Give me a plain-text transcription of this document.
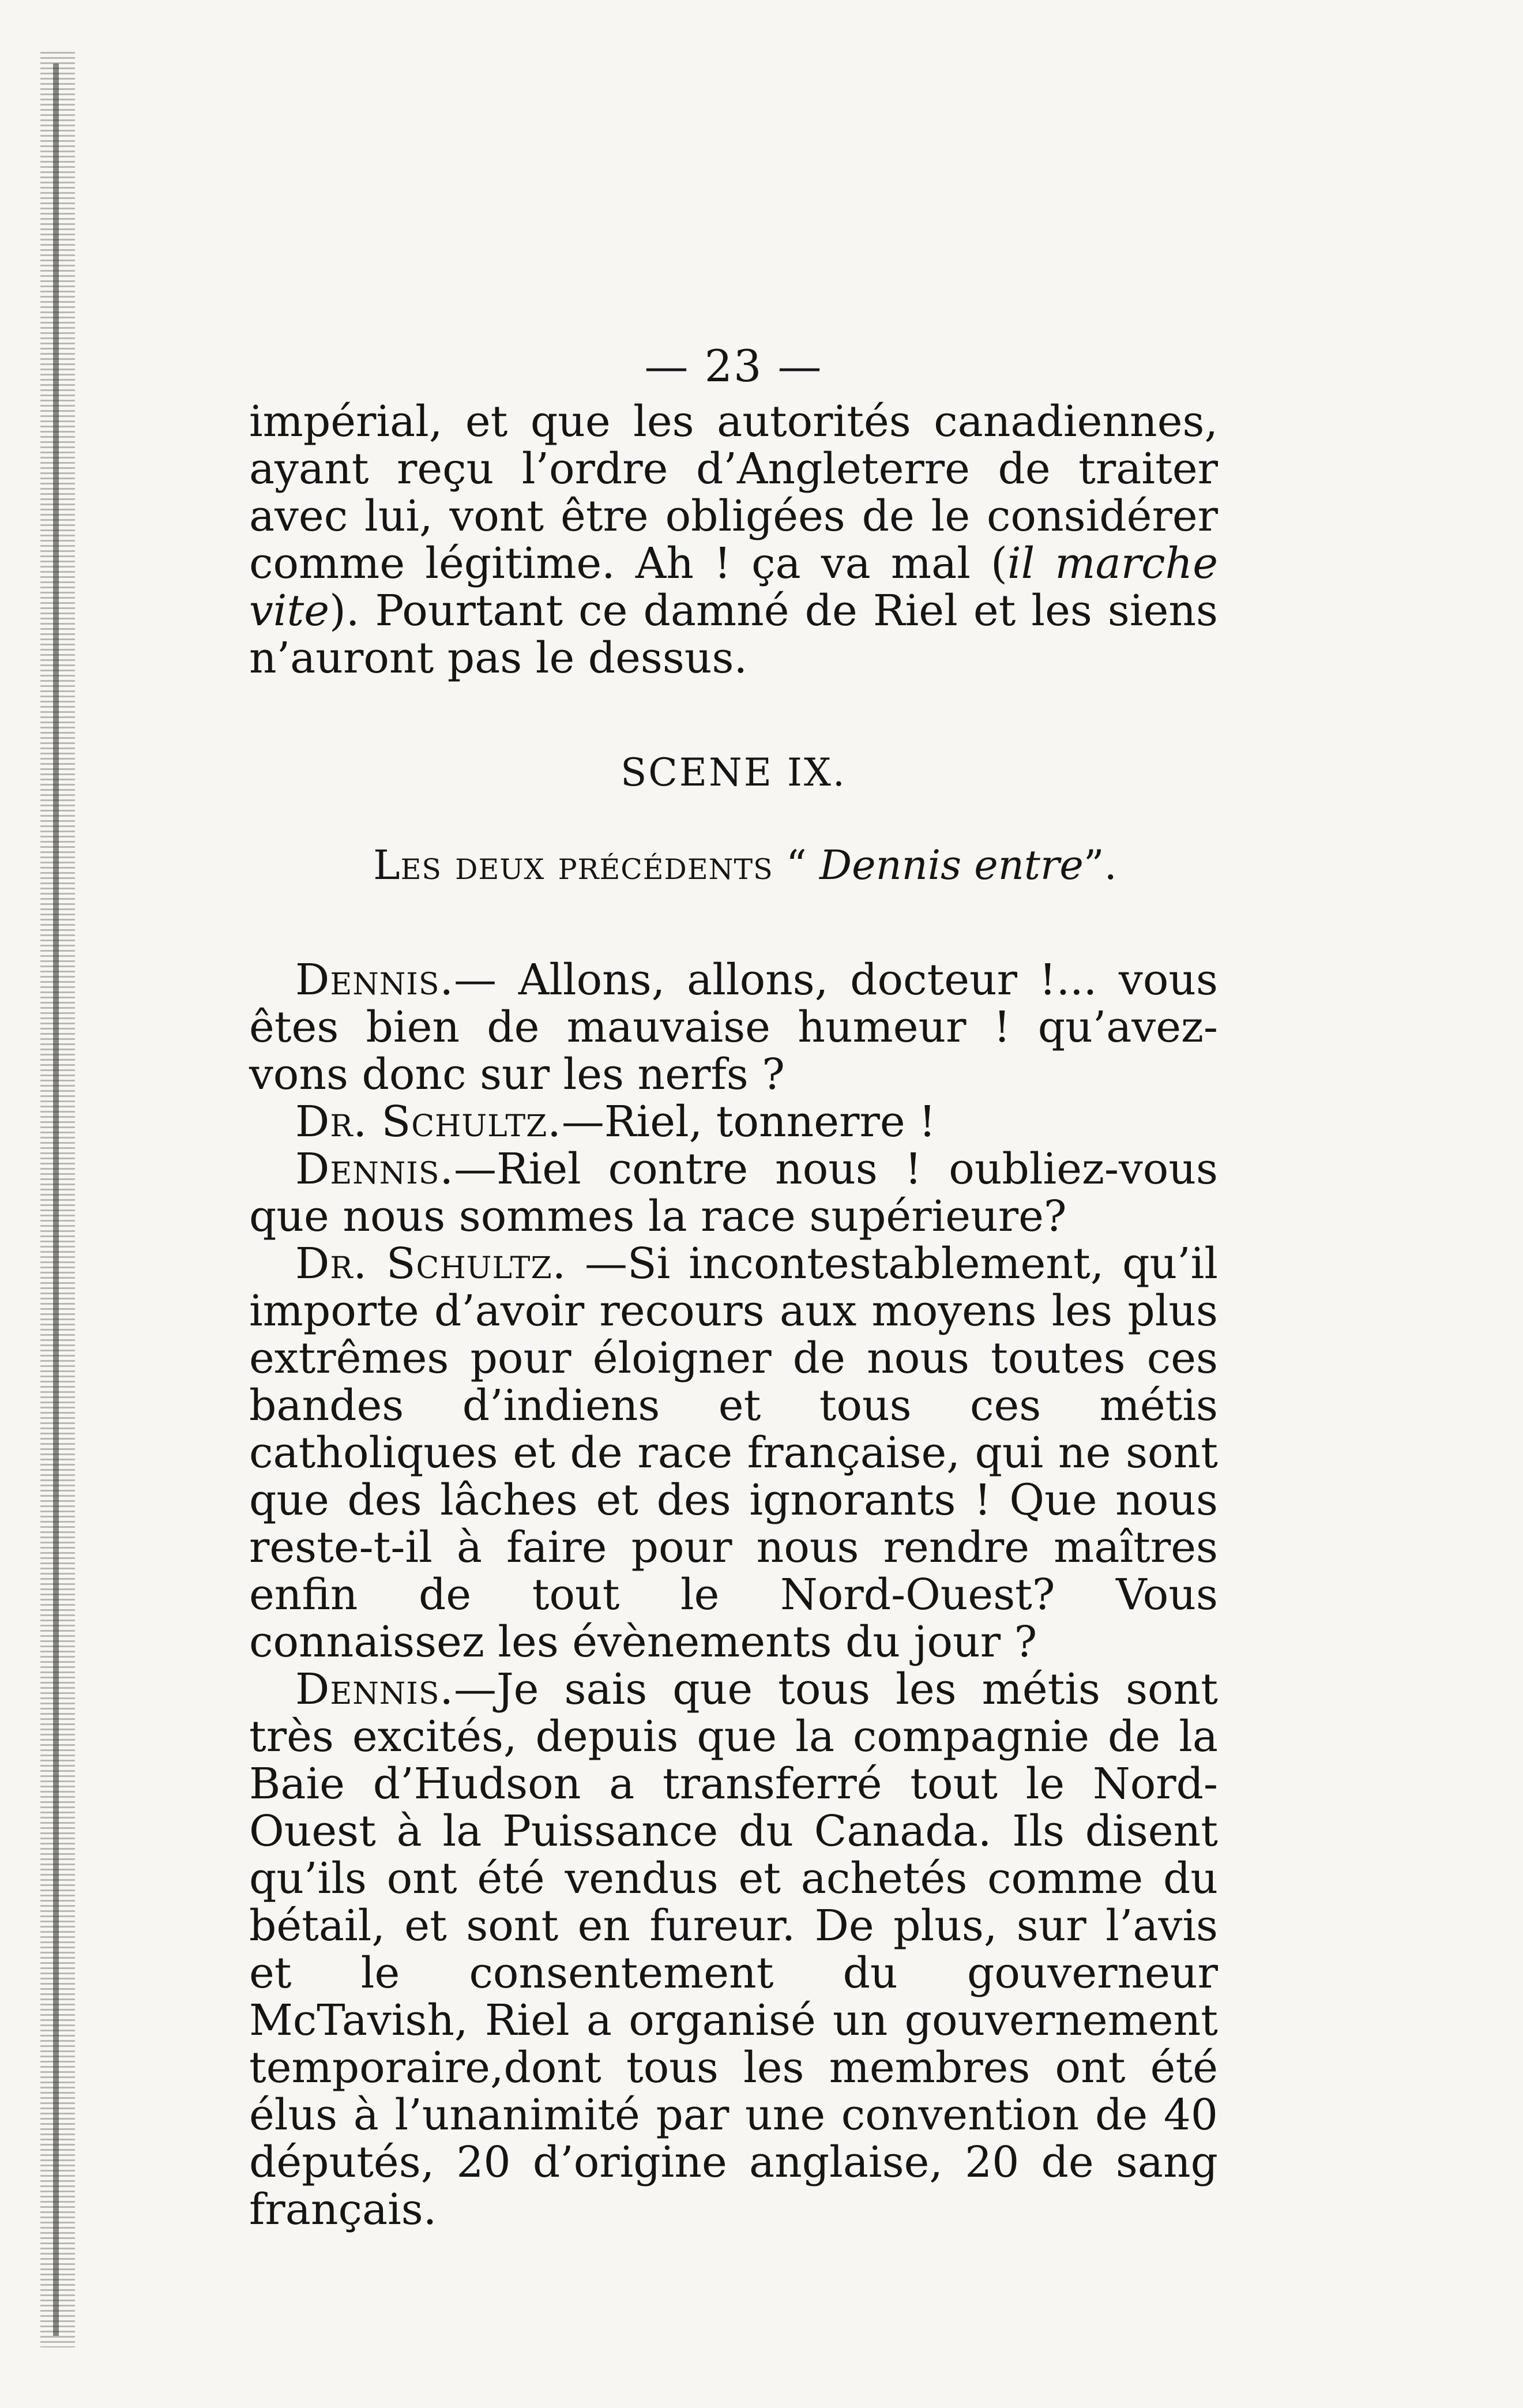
— 23 —

impérial, et que les autorités canadiennes, ayant reçu l’ordre d’Angleterre de traiter avec lui, vont être obligées de le considérer comme légitime. Ah ! ça va mal (il marche vite). Pourtant ce damné de Riel et les siens n’auront pas le dessus.

SCENE IX.
Les deux précédents “ Dennis entre”.

Dennis.— Allons, allons, docteur !... vous êtes bien de mauvaise humeur ! qu’avez-vons donc sur les nerfs ?

Dr. Schultz.—Riel, tonnerre !

Dennis.—Riel contre nous ! oubliez-vous que nous sommes la race supérieure?

Dr. Schultz. —Si incontestablement, qu’il importe d’avoir recours aux moyens les plus extrêmes pour éloigner de nous toutes ces bandes d’indiens et tous ces métis catholiques et de race française, qui ne sont que des lâches et des ignorants ! Que nous reste-t-il à faire pour nous rendre maîtres enfin de tout le Nord-Ouest? Vous connaissez les évènements du jour ?

Dennis.—Je sais que tous les métis sont très excités, depuis que la compagnie de la Baie d’Hudson a transferré tout le Nord-Ouest à la Puissance du Canada. Ils disent qu’ils ont été vendus et achetés comme du bétail, et sont en fureur. De plus, sur l’avis et le consentement du gouverneur McTavish, Riel a organisé un gouvernement temporaire,dont tous les membres ont été élus à l’unanimité par une convention de 40 députés, 20 d’origine anglaise, 20 de sang français.
